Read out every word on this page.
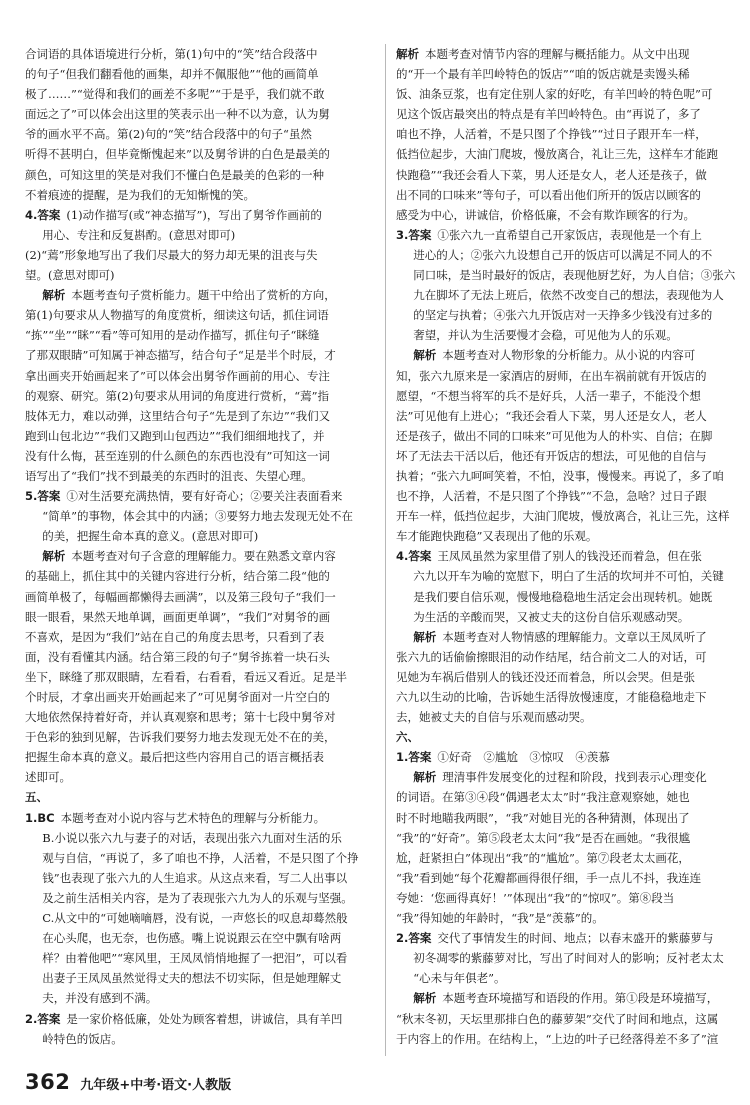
合词语的具体语境进行分析，第(1)句中的“笑”结合段落中
的句子“但我们翻看他的画集，却并不佩服他”“他的画简单
极了……”“觉得和我们的画差不多呢”“于是乎，我们就不敢
面远之了”可以体会出这里的笑表示出一种不以为意，认为舅
爷的画水平不高。第(2)句的“笑”结合段落中的句子“虽然
听得不甚明白，但毕竟惭愧起来”以及舅爷讲的白色是最美的
颜色，可知这里的笑是对我们不懂白色是最美的色彩的一种
不着痕迹的提醒，是为我们的无知惭愧的笑。
4.答案 (1)动作描写(或“神态描写”)，写出了舅爷作画前的
用心、专注和反复斟酌。(意思对即可)
(2)“蔫”形象地写出了我们尽最大的努力却无果的沮丧与失
望。(意思对即可)
解析 本题考查句子赏析能力。题干中给出了赏析的方向，
第(1)句要求从人物描写的角度赏析，细读这句话，抓住词语
“拣”“坐”“眯”“看”等可知用的是动作描写，抓住句子“眯缝
了那双眼睛”可知属于神态描写，结合句子“足是半个时辰，才
拿出画夹开始画起来了”可以体会出舅爷作画前的用心、专注
的观察、研究。第(2)句要求从用词的角度进行赏析，“蔫”指
肢体无力，难以动弹，这里结合句子“先是到了东边”“我们又
跑到山包北边”“我们又跑到山包西边”“我们细细地找了，并
没有什么悔，甚至连别的什么颜色的东西也没有”可知这一词
语写出了“我们”找不到最美的东西时的沮丧、失望心理。
5.答案 ①对生活要充满热情，要有好奇心；②要关注表面看来
“简单”的事物，体会其中的内涵；③要努力地去发现无处不在
的美，把握生命本真的意义。(意思对即可)
解析 本题考查对句子含意的理解能力。要在熟悉文章内容
的基础上，抓住其中的关键内容进行分析，结合第二段“他的
画简单极了，每幅画都懒得去画满”，以及第三段句子“我们一
眼一眼看，果然天地单调，画面更单调”，“我们”对舅爷的画
不喜欢，是因为“我们”站在自己的角度去思考，只看到了表
面，没有看懂其内涵。结合第三段的句子“舅爷拣着一块石头
坐下，眯缝了那双眼睛，左看看，右看看，看远又看近。足是半
个时辰，才拿出画夹开始画起来了”可见舅爷面对一片空白的
大地依然保持着好奇，并认真观察和思考；第十七段中舅爷对
于色彩的独到见解，告诉我们要努力地去发现无处不在的美，
把握生命本真的意义。最后把这些内容用自己的语言概括表
述即可。
五、
1.BC 本题考查对小说内容与艺术特色的理解与分析能力。
B.小说以张六九与妻子的对话，表现出张六九面对生活的乐
观与自信，“再说了，多了咱也不挣，人活着，不是只图了个挣
钱”也表现了张六九的人生追求。从这点来看，写二人出事以
及之前生活相关内容，是为了表现张六九为人的乐观与坚强。
C.从文中的“可她嘀嘀唇，没有说，一声悠长的叹息却蓦然般
在心头爬，也无奈，也伤感。嘴上说说跟云在空中飘有啥两
样？由着他吧”“寒风里，王凤凤悄悄地握了一把泪”，可以看
出妻子王凤凤虽然觉得丈夫的想法不切实际，但是她理解丈
夫，并没有感到不满。
2.答案 是一家价格低廉，处处为顾客着想，讲诚信，具有羊凹
岭特色的饭店。
解析 本题考查对情节内容的理解与概括能力。从文中出现
的“开一个最有羊凹岭特色的饭店”“咱的饭店就是卖馒头稀
饭、油条豆浆，也有定住别人家的好吃，有羊凹岭的特色呢”可
见这个饭店最突出的特点是有羊凹岭特色。由“再说了，多了
咱也不挣，人活着，不是只图了个挣钱”“过日子跟开车一样，
低挡位起步，大油门爬坡，慢放离合，礼让三先，这样车才能跑
快跑稳”“我还会看人下菜，男人还是女人，老人还是孩子，做
出不同的口味来”等句子，可以看出他们所开的饭店以顾客的
感受为中心，讲诚信，价格低廉，不会有欺诈顾客的行为。
3.答案 ①张六九一直希望自己开家饭店，表现他是一个有上
进心的人；②张六九设想自己开的饭店可以满足不同人的不
同口味，是当时最好的饭店，表现他厨艺好，为人自信；③张六
九在脚坏了无法上班后，依然不改变自己的想法，表现他为人
的坚定与执着；④张六九开饭店对一天挣多少钱没有过多的
奢望，并认为生活要慢才会稳，可见他为人的乐观。
解析 本题考查对人物形象的分析能力。从小说的内容可
知，张六九原来是一家酒店的厨师，在出车祸前就有开饭店的
愿望，“不想当将军的兵不是好兵，人活一辈子，不能没个想
法”可见他有上进心；“我还会看人下菜，男人还是女人，老人
还是孩子，做出不同的口味来”可见他为人的朴实、自信；在脚
坏了无法去干活以后，他还有开饭店的想法，可见他的自信与
执着；“张六九呵呵笑着，不怕，没事，慢慢来。再说了，多了咱
也不挣，人活着，不是只图了个挣钱”“不急，急啥？过日子跟
开车一样，低挡位起步，大油门爬坡，慢放离合，礼让三先，这样
车才能跑快跑稳”又表现出了他的乐观。
4.答案 王凤凤虽然为家里借了别人的钱没还而着急，但在张
六九以开车为喻的宽慰下，明白了生活的坎坷并不可怕，关键
是我们要自信乐观，慢慢地稳稳地生活定会出现转机。她既
为生活的辛酸而哭，又被丈夫的这份自信乐观感动哭。
解析 本题考查对人物情感的理解能力。文章以王凤凤听了
张六九的话偷偷擦眼泪的动作结尾，结合前文二人的对话，可
见她为车祸后借别人的钱还没还而着急，所以会哭。但是张
六九以生动的比喻，告诉她生活得放慢速度，才能稳稳地走下
去，她被丈夫的自信与乐观而感动哭。
六、
1.答案 ①好奇　②尴尬　③惊叹　④羡慕
解析 理清事件发展变化的过程和阶段，找到表示心理变化
的词语。在第③④段“偶遇老太太”时“我注意观察她，她也
时不时地瞄我两眼”，“我”对她目光的各种猜测，体现出了
“我”的“好奇”。第⑤段老太太问“我”是否在画她。“我很尴
尬，赶紧担白”体现出“我”的“尴尬”。第⑦段老太太画花，
“我”看到她“每个花瓣都画得很仔细，手一点儿不抖，我连连
夸她：‘您画得真好！’”体现出“我”的“惊叹”。第⑧段当
“我”得知她的年龄时，“我”是“羡慕”的。
2.答案 交代了事情发生的时间、地点；以春末盛开的紫藤萝与
初冬凋零的紫藤萝对比，写出了时间对人的影响；反衬老太太
“心未与年俱老”。
解析 本题考查环境描写和语段的作用。第①段是环境描写，
“秋末冬初，天坛里那排白色的藤萝架”交代了时间和地点，这属
于内容上的作用。在结构上，“上边的叶子已经落得差不多了”渲
362 九年级+中考·语文·人教版
